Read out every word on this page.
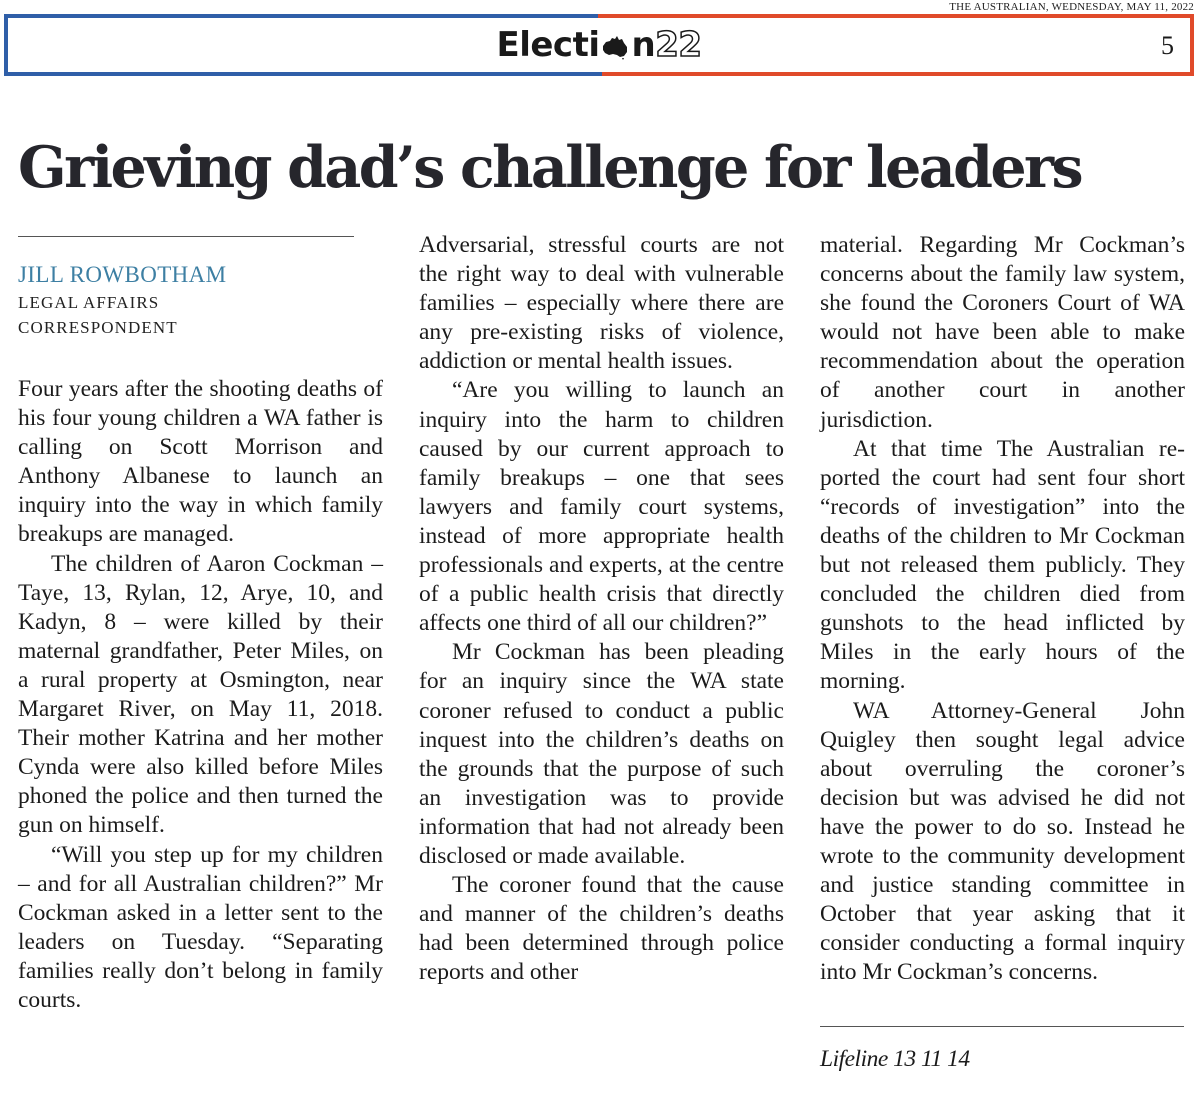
THE AUSTRALIAN, WEDNESDAY, MAY 11, 2022
Electi n22	5
Grieving dad’s challenge for leaders
JILL ROWBOTHAM
LEGAL AFFAIRS
CORRESPONDENT

Four years after the shooting deaths of his four young children a WA father is calling on Scott Morrison and Anthony Albanese to launch an inquiry into the way in which family breakups are managed.

The children of Aaron Cockman – Taye, 13, Rylan, 12, Arye, 10, and Kadyn, 8 – were killed by their maternal grandfather, Peter Miles, on a rural property at Osmington, near Margaret River, on May 11, 2018. Their mother Katrina and her mother Cynda were also killed before Miles phoned the police and then turned the gun on himself.

“Will you step up for my children – and for all Australian children?” Mr Cockman asked in a letter sent to the leaders on Tuesday. “Separating families really don’t belong in family courts.

Adversarial, stressful courts are not the right way to deal with vulnerable families – especially where there are any pre-existing risks of violence, addiction or mental health issues.

“Are you willing to launch an inquiry into the harm to children caused by our current approach to family breakups – one that sees lawyers and family court systems, instead of more appropriate health professionals and experts, at the centre of a public health crisis that directly affects one third of all our children?”

Mr Cockman has been pleading for an inquiry since the WA state coroner refused to conduct a public inquest into the children’s deaths on the grounds that the purpose of such an investigation was to provide information that had not already been disclosed or made available.

The coroner found that the cause and manner of the children’s deaths had been determined through police reports and other

material. Regarding Mr Cockman’s concerns about the family law system, she found the Coroners Court of WA would not have been able to make recommendation about the operation of another court in another jurisdiction.

At that time The Australian reported the court had sent four short “records of investigation” into the deaths of the children to Mr Cockman but not released them publicly. They concluded the children died from gunshots to the head inflicted by Miles in the early hours of the morning.

WA Attorney-General John Quigley then sought legal advice about overruling the coroner’s decision but was advised he did not have the power to do so. Instead he wrote to the community development and justice standing committee in October that year asking that it consider conducting a formal inquiry into Mr Cockman’s concerns.

Lifeline 13 11 14
